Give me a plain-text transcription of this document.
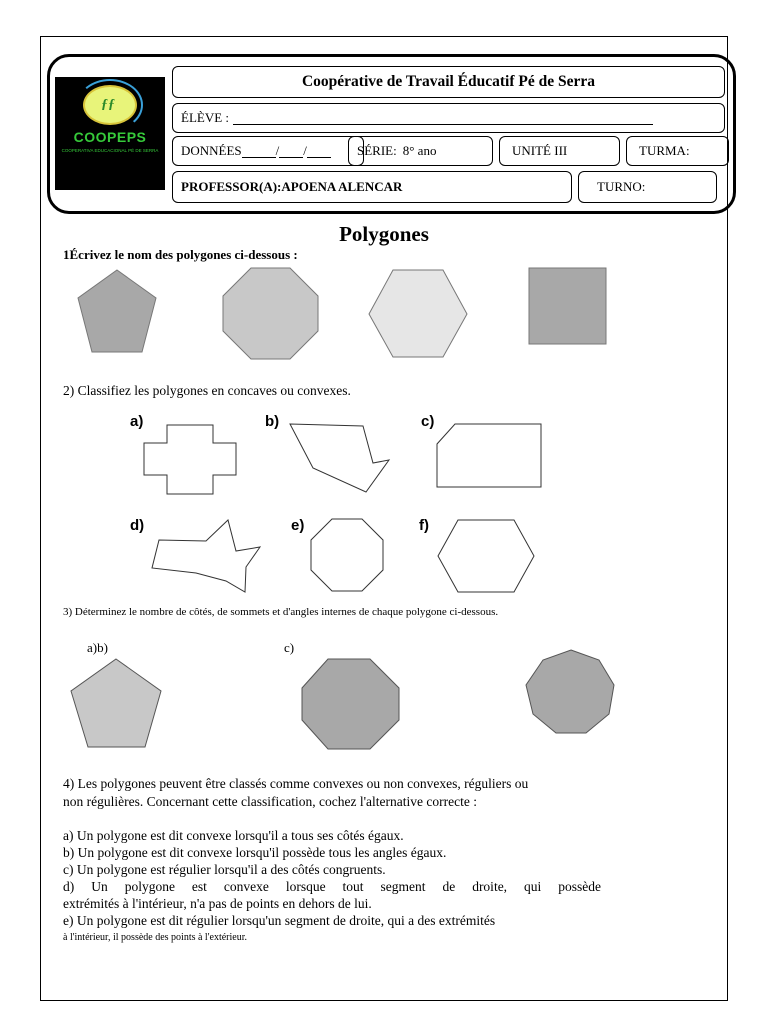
ƒƒ
COOPEPS
COOPERATIVA EDUCACIONAL PÉ DE SERRA
Coopérative de Travail Éducatif Pé de Serra
ÉLÈVE :
DONNÉES	/ /	SÉRIE: 8° ano	UNITÉ III	TURMA:
PROFESSOR(A):APOENA ALENCAR	TURNO:
Polygones
1Écrivez le nom des polygones ci-dessous :
2) Classifiez les polygones en concaves ou convexes.
a)	b)	c)
d)	e)	f)
3) Déterminez le nombre de côtés, de sommets et d'angles internes de chaque polygone ci-dessous.
a)b)	c)
4) Les polygones peuvent être classés comme convexes ou non convexes, réguliers ou
non régulières. Concernant cette classification, cochez l'alternative correcte :
a) Un polygone est dit convexe lorsqu'il a tous ses côtés égaux.
b) Un polygone est dit convexe lorsqu'il possède tous les angles égaux.
c) Un polygone est régulier lorsqu'il a des côtés congruents.
d) Un polygone est convexe lorsque tout segment de droite, qui possède
extrémités à l'intérieur, n'a pas de points en dehors de lui.
e) Un polygone est dit régulier lorsqu'un segment de droite, qui a des extrémités
à l'intérieur, il possède des points à l'extérieur.
